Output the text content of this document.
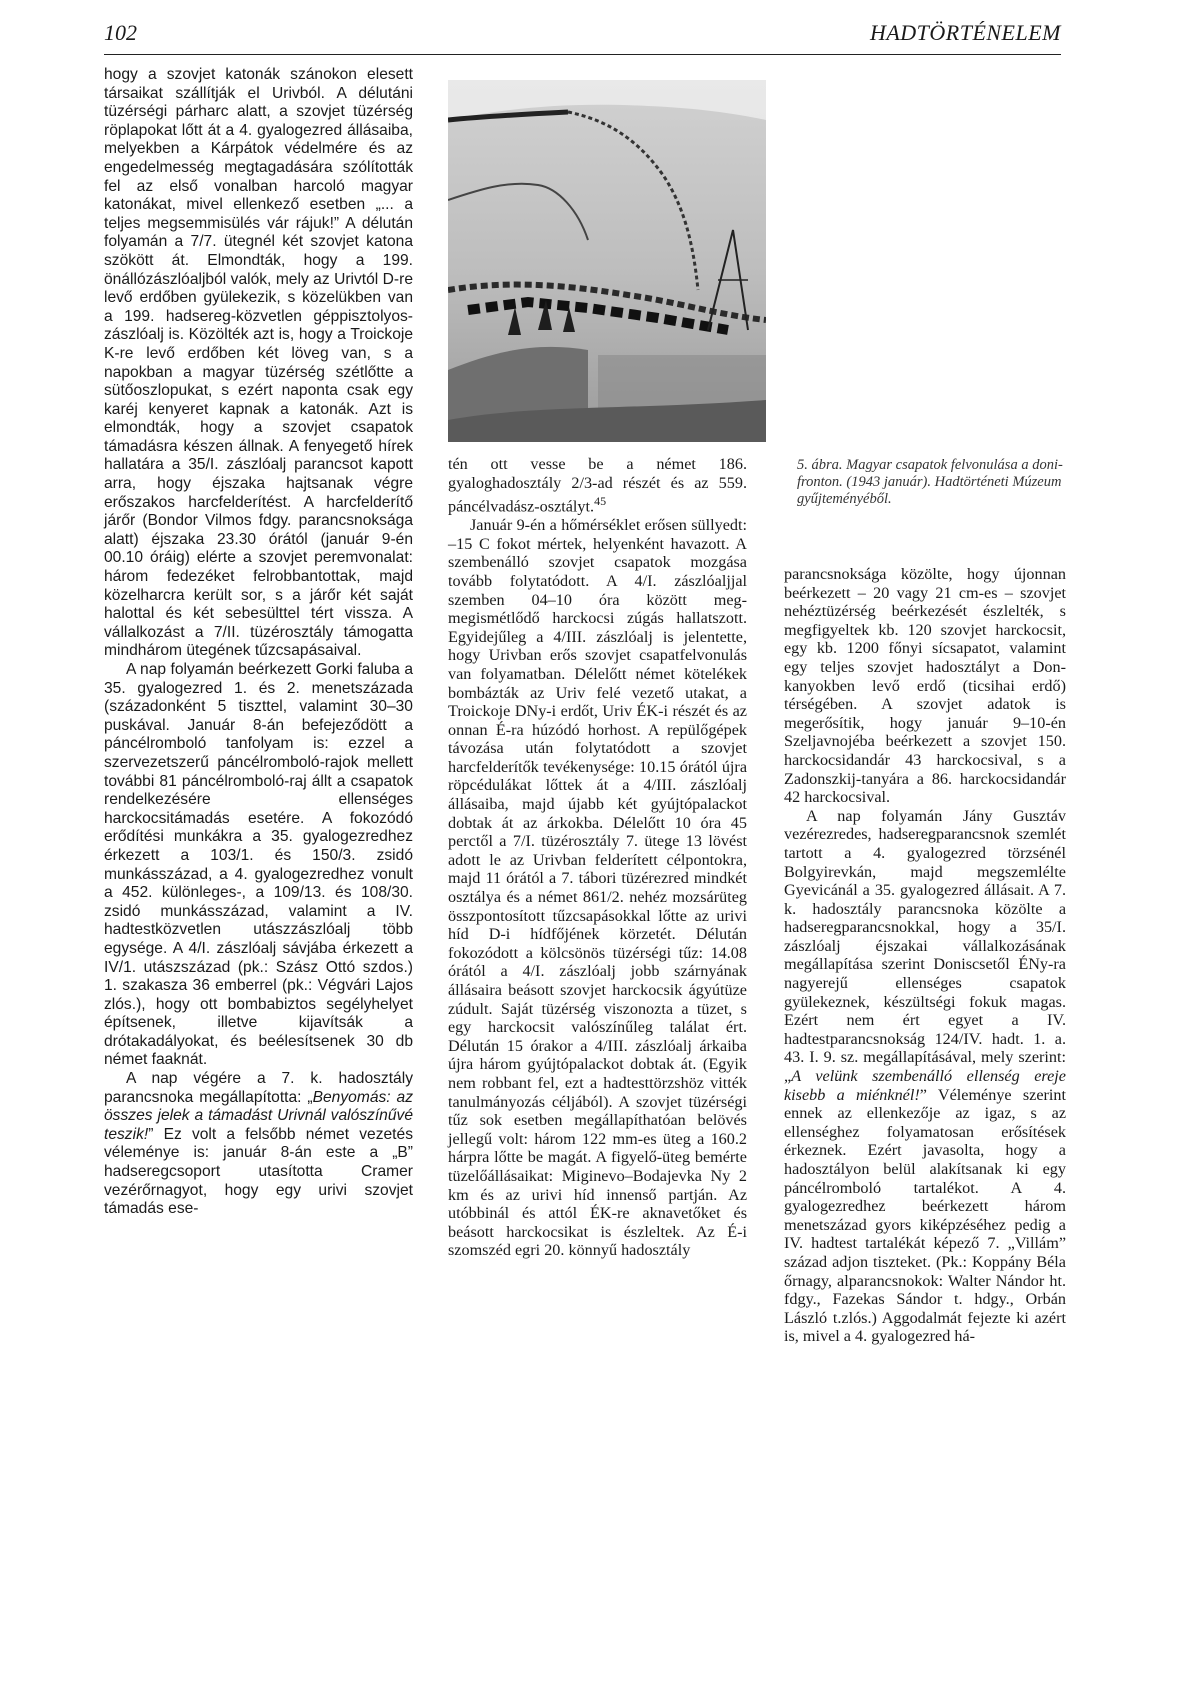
102	HADTÖRTÉNELEM

hogy a szovjet katonák szánokon elesett társaikat szállítják el Urivból. A délutáni tüzérségi párharc alatt, a szovjet tüzérség röplapokat lőtt át a 4. gyalogezred állásaiba, melyekben a Kárpátok védelmére és az engedelmesség megtagadására szólították fel az első vonalban harcoló magyar katonákat, mivel ellenkező esetben „... a teljes megsemmisülés vár rájuk!” A délután folyamán a 7/7. ütegnél két szovjet katona szökött át. Elmondták, hogy a 199. önállózászlóaljból valók, mely az Urivtól D-re levő erdőben gyülekezik, s közelükben van a 199. hadsereg-közvetlen géppisztolyos-zászlóalj is. Közölték azt is, hogy a Troickoje K-re levő erdőben két löveg van, s a napokban a magyar tüzérség szétlőtte a sütőoszlopukat, s ezért naponta csak egy karéj kenyeret kapnak a katonák. Azt is elmondták, hogy a szovjet csapatok támadásra készen állnak. A fenyegető hírek hallatára a 35/I. zászlóalj parancsot kapott arra, hogy éjszaka hajtsanak végre erőszakos harcfelderítést. A harcfelderítő járőr (Bondor Vilmos fdgy. parancsnoksága alatt) éjszaka 23.30 órától (január 9-én 00.10 óráig) elérte a szovjet peremvonalat: három fedezéket felrobbantottak, majd közelharcra került sor, s a járőr két saját halottal és két sebesülttel tért vissza. A vállalkozást a 7/II. tüzérosztály támogatta mindhárom ütegének tűzcsapásaival.

A nap folyamán beérkezett Gorki faluba a 35. gyalogezred 1. és 2. menetszázada (századonként 5 tiszttel, valamint 30–30 puskával. Január 8-án befejeződött a páncélromboló tanfolyam is: ezzel a szervezetszerű páncélromboló-rajok mellett további 81 páncélromboló-raj állt a csapatok rendelkezésére ellenséges harckocsitámadás esetére. A fokozódó erődítési munkákra a 35. gyalogezredhez érkezett a 103/1. és 150/3. zsidó munkásszázad, a 4. gyalogezredhez vonult a 452. különleges-, a 109/13. és 108/30. zsidó munkásszázad, valamint a IV. hadtestközvetlen utászzászlóalj több egysége. A 4/I. zászlóalj sávjába érkezett a IV/1. utászszázad (pk.: Szász Ottó szdos.) 1. szakasza 36 emberrel (pk.: Végvári Lajos zlós.), hogy ott bombabiztos segélyhelyet építsenek, illetve kijavítsák a drótakadályokat, és beélesítsenek 30 db német faaknát.

A nap végére a 7. k. hadosztály parancsnoka megállapította: „Benyomás: az összes jelek a támadást Urivnál valószínűvé teszik!” Ez volt a felsőbb német vezetés véleménye is: január 8-án este a „B” hadseregcsoport utasította Cramer vezérőrnagyot, hogy egy urivi szovjet támadás ese-

5. ábra. Magyar csapatok felvonulása a doni-fronton. (1943 január). Hadtörténeti Múzeum gyűjteményéből.

tén ott vesse be a német 186. gyaloghadosztály 2/3-ad részét és az 559. páncélvadász-osztályt.$^{45}$

Január 9-én a hőmérséklet erősen süllyedt: –15 C fokot mértek, helyenként havazott. A szembenálló szovjet csapatok mozgása tovább folytatódott. A 4/I. zászlóaljjal szemben 04–10 óra között meg-megismétlődő harckocsi zúgás hallatszott. Egyidejűleg a 4/III. zászlóalj is jelentette, hogy Urivban erős szovjet csapatfelvonulás van folyamatban. Délelőtt német kötelékek bombázták az Uriv felé vezető utakat, a Troickoje DNy-i erdőt, Uriv ÉK-i részét és az onnan É-ra húzódó horhost. A repülőgépek távozása után folytatódott a szovjet harcfelderítők tevékenysége: 10.15 órától újra röpcédulákat lőttek át a 4/III. zászlóalj állásaiba, majd újabb két gyújtópalackot dobtak át az árkokba. Délelőtt 10 óra 45 perctől a 7/I. tüzérosztály 7. ütege 13 lövést adott le az Urivban felderített célpontokra, majd 11 órától a 7. tábori tüzérezred mindkét osztálya és a német 861/2. nehéz mozsárüteg összpontosított tűzcsapásokkal lőtte az urivi híd D-i hídfőjének körzetét. Délután fokozódott a kölcsönös tüzérségi tűz: 14.08 órától a 4/I. zászlóalj jobb szárnyának állásaira beásott szovjet harckocsik ágyútüze zúdult. Saját tüzérség viszonozta a tüzet, s egy harckocsit valószínűleg találat ért. Délután 15 órakor a 4/III. zászlóalj árkaiba újra három gyújtópalackot dobtak át. (Egyik nem robbant fel, ezt a hadtesttörzshöz vitték tanulmányozás céljából). A szovjet tüzérségi tűz sok esetben megállapíthatóan belövés jellegű volt: három 122 mm-es üteg a 160.2 hárpra lőtte be magát. A figyelő-üteg bemérte tüzelőállásaikat: Miginevo–Bodajevka Ny 2 km és az urivi híd innenső partján. Az utóbbinál és attól ÉK-re aknavetőket és beásott harckocsikat is észleltek. Az É-i szomszéd egri 20. könnyű hadosztály

parancsnoksága közölte, hogy újonnan beérkezett – 20 vagy 21 cm-es – szovjet nehéztüzérség beérkezését észlelték, s megfigyeltek kb. 120 szovjet harckocsit, egy kb. 1200 főnyi sícsapatot, valamint egy teljes szovjet hadosztályt a Don-kanyokben levő erdő (ticsihai erdő) térségében. A szovjet adatok is megerősítik, hogy január 9–10-én Szeljavnojéba beérkezett a szovjet 150. harckocsidandár 43 harckocsival, s a Zadonszkij-tanyára a 86. harckocsidandár 42 harckocsival.

A nap folyamán Jány Gusztáv vezérezredes, hadseregparancsnok szemlét tartott a 4. gyalogezred törzsénél Bolgyirevkán, majd megszemlélte Gyevicánál a 35. gyalogezred állásait. A 7. k. hadosztály parancsnoka közölte a hadseregparancsnokkal, hogy a 35/I. zászlóalj éjszakai vállalkozásának megállapítása szerint Doniscsetől ÉNy-ra nagyerejű ellenséges csapatok gyülekeznek, készültségi fokuk magas. Ezért nem ért egyet a IV. hadtestparancsnokság 124/IV. hadt. 1. a. 43. I. 9. sz. megállapításával, mely szerint: „A velünk szembenálló ellenség ereje kisebb a miénknél!” Véleménye szerint ennek az ellenkezője az igaz, s az ellenséghez folyamatosan erősítések érkeznek. Ezért javasolta, hogy a hadosztályon belül alakítsanak ki egy páncélromboló tartalékot. A 4. gyalogezredhez beérkezett három menetszázad gyors kiképzéséhez pedig a IV. hadtest tartalékát képező 7. „Villám” század adjon tiszteket. (Pk.: Koppány Béla őrnagy, alparancsnokok: Walter Nándor ht. fdgy., Fazekas Sándor t. hdgy., Orbán László t.zlós.) Aggodalmát fejezte ki azért is, mivel a 4. gyalogezred há-
